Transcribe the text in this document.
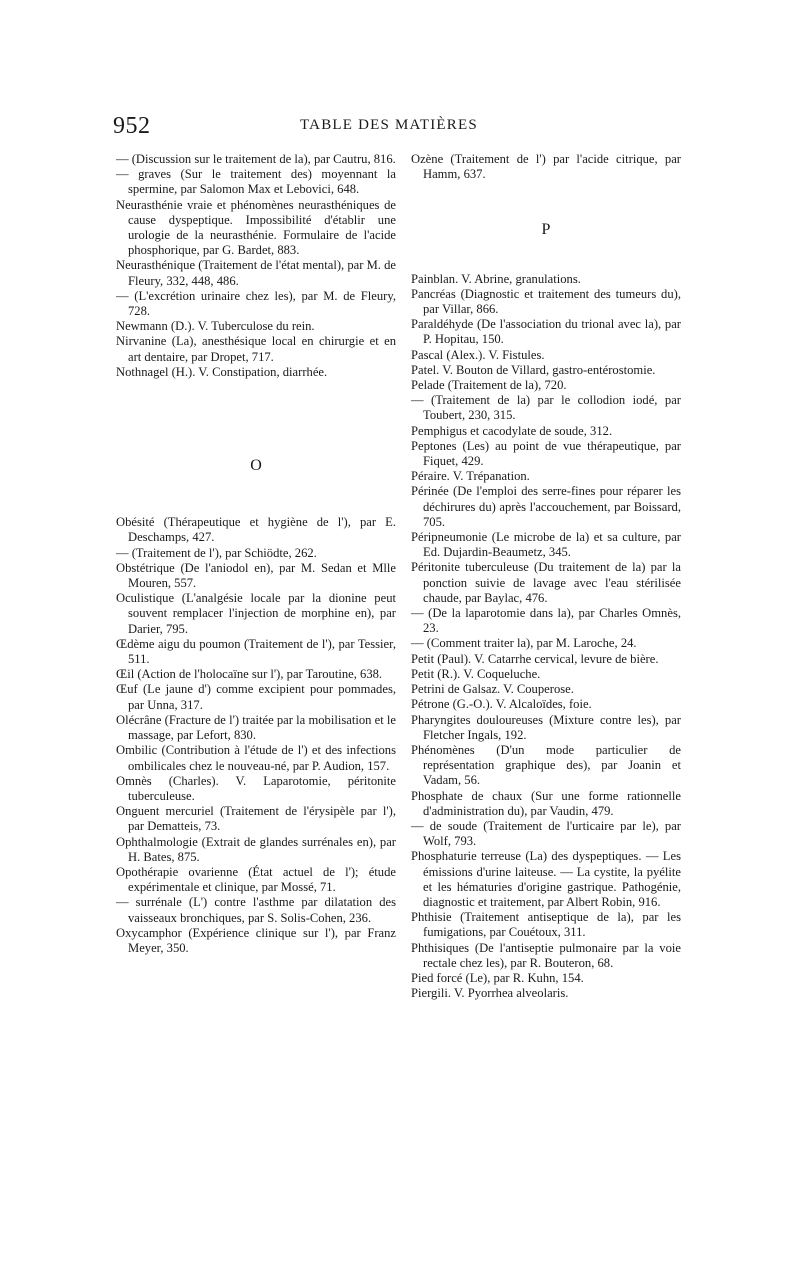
952	TABLE DES MATIÈRES

— (Discussion sur le traitement de la), par Cautru, 816.

— graves (Sur le traitement des) moyennant la spermine, par Salomon Max et Lebovici, 648.

Neurasthénie vraie et phénomènes neurasthéniques de cause dyspeptique. Impossibilité d'établir une urologie de la neurasthénie. Formulaire de l'acide phosphorique, par G. Bardet, 883.

Neurasthénique (Traitement de l'état mental), par M. de Fleury, 332, 448, 486.

— (L'excrétion urinaire chez les), par M. de Fleury, 728.

Newmann (D.). V. Tuberculose du rein.

Nirvanine (La), anesthésique local en chirurgie et en art dentaire, par Dropet, 717.

Nothnagel (H.). V. Constipation, diarrhée.

O

Obésité (Thérapeutique et hygiène de l'), par E. Deschamps, 427.

— (Traitement de l'), par Schiödte, 262.

Obstétrique (De l'aniodol en), par M. Sedan et Mlle Mouren, 557.

Oculistique (L'analgésie locale par la dionine peut souvent remplacer l'injection de morphine en), par Darier, 795.

Œdème aigu du poumon (Traitement de l'), par Tessier, 511.

Œil (Action de l'holocaïne sur l'), par Taroutine, 638.

Œuf (Le jaune d') comme excipient pour pommades, par Unna, 317.

Olécrâne (Fracture de l') traitée par la mobilisation et le massage, par Lefort, 830.

Ombilic (Contribution à l'étude de l') et des infections ombilicales chez le nouveau-né, par P. Audion, 157.

Omnès (Charles). V. Laparotomie, péritonite tuberculeuse.

Onguent mercuriel (Traitement de l'érysipèle par l'), par Dematteis, 73.

Ophthalmologie (Extrait de glandes surrénales en), par H. Bates, 875.

Opothérapie ovarienne (État actuel de l'); étude expérimentale et clinique, par Mossé, 71.

— surrénale (L') contre l'asthme par dilatation des vaisseaux bronchiques, par S. Solis-Cohen, 236.

Oxycamphor (Expérience clinique sur l'), par Franz Meyer, 350.

Ozène (Traitement de l') par l'acide citrique, par Hamm, 637.

P

Painblan. V. Abrine, granulations.

Pancréas (Diagnostic et traitement des tumeurs du), par Villar, 866.

Paraldéhyde (De l'association du trional avec la), par P. Hopitau, 150.

Pascal (Alex.). V. Fistules.

Patel. V. Bouton de Villard, gastro-entérostomie.

Pelade (Traitement de la), 720.

— (Traitement de la) par le collodion iodé, par Toubert, 230, 315.

Pemphigus et cacodylate de soude, 312.

Peptones (Les) au point de vue thérapeutique, par Fiquet, 429.

Péraire. V. Trépanation.

Périnée (De l'emploi des serre-fines pour réparer les déchirures du) après l'accouchement, par Boissard, 705.

Péripneumonie (Le microbe de la) et sa culture, par Ed. Dujardin-Beaumetz, 345.

Péritonite tuberculeuse (Du traitement de la) par la ponction suivie de lavage avec l'eau stérilisée chaude, par Baylac, 476.

— (De la laparotomie dans la), par Charles Omnès, 23.

— (Comment traiter la), par M. Laroche, 24.

Petit (Paul). V. Catarrhe cervical, levure de bière.

Petit (R.). V. Coqueluche.

Petrini de Galsaz. V. Couperose.

Pétrone (G.-O.). V. Alcaloïdes, foie.

Pharyngites douloureuses (Mixture contre les), par Fletcher Ingals, 192.

Phénomènes (D'un mode particulier de représentation graphique des), par Joanin et Vadam, 56.

Phosphate de chaux (Sur une forme rationnelle d'administration du), par Vaudin, 479.

— de soude (Traitement de l'urticaire par le), par Wolf, 793.

Phosphaturie terreuse (La) des dyspeptiques. — Les émissions d'urine laiteuse. — La cystite, la pyélite et les hématuries d'origine gastrique. Pathogénie, diagnostic et traitement, par Albert Robin, 916.

Phthisie (Traitement antiseptique de la), par les fumigations, par Couétoux, 311.

Phthisiques (De l'antiseptie pulmonaire par la voie rectale chez les), par R. Bouteron, 68.

Pied forcé (Le), par R. Kuhn, 154.

Piergili. V. Pyorrhea alveolaris.
